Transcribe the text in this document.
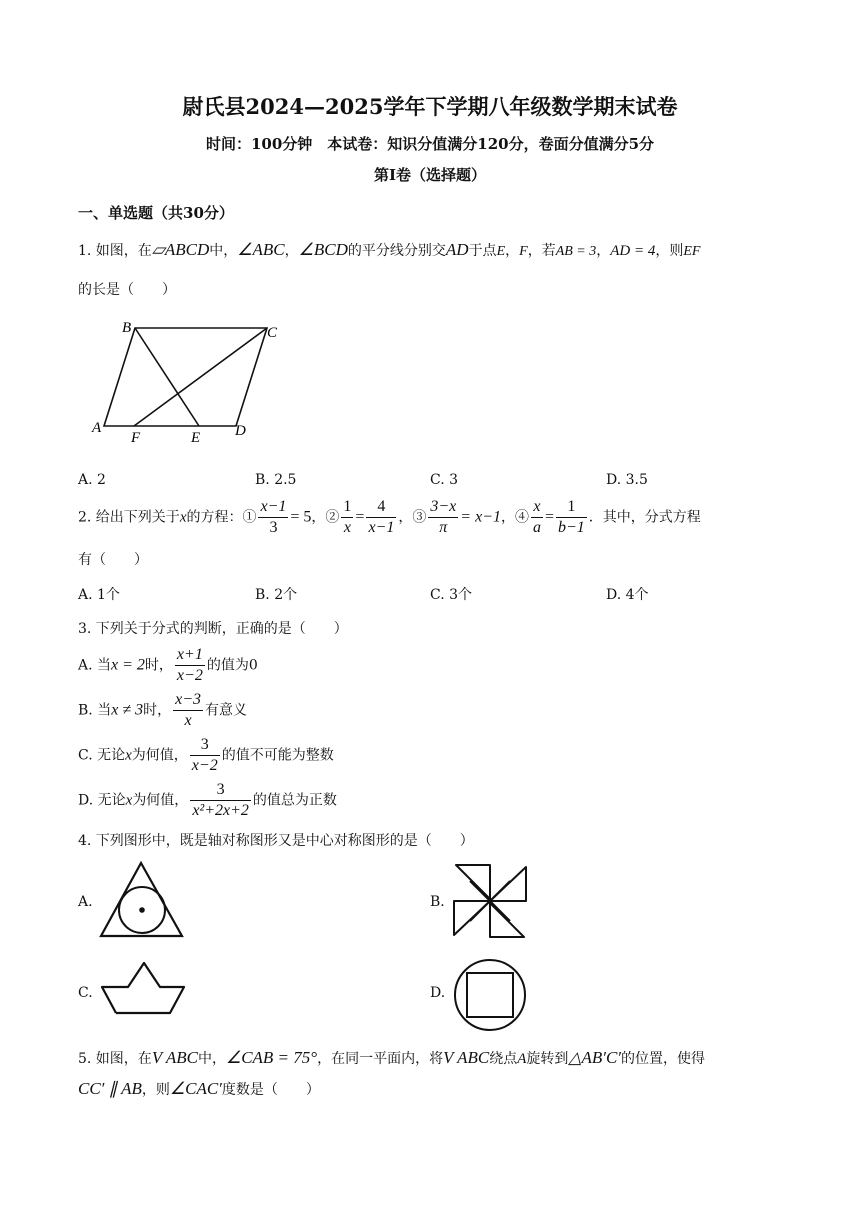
尉氏县2024—2025学年下学期八年级数学期末试卷
时间：100分钟　本试卷：知识分值满分120分，卷面分值满分5分
第Ⅰ卷（选择题）
一、单选题（共30分）
1. 如图，在▱ABCD中，∠ABC，∠BCD的平分线分别交AD于点E，F，若AB = 3，AD = 4，则EF
的长是（　　）
B	C
A
F	E D
A. 2	B. 2.5	C. 3	D. 3.5
2. 给出下列关于x的方程：① $\frac{x-1}{3} = 5$，② $\frac{1}{x} = \frac{4}{x-1}$ ，③ $\frac{3-x}{\pi} = x-1$，④ $\frac{x}{a} = \frac{1}{b-1}$ ．其中，分式方程
有（　　）
A. 1个	B. 2个	C. 3个	D. 4个
3. 下列关于分式的判断，正确的是（　　）
A. 当x = 2时， $\frac{x+1}{x-2}$ 的值为0
B. 当x ≠ 3时， $\frac{x-3}{x}$ 有意义
C. 无论x为何值， $\frac{3}{x-2}$ 的值不可能为整数
D. 无论x为何值， $\frac{3}{\text{x²+2x+2}}$ 的值总为正数
4. 下列图形中，既是轴对称图形又是中心对称图形的是（　　）
A.	B.
C.	D.
5. 如图，在V ABC中，∠CAB = 75°，在同一平面内，将V ABC绕点A旋转到△AB′C′的位置，使得
CC′ ∥ AB，则∠CAC′度数是（　　）
